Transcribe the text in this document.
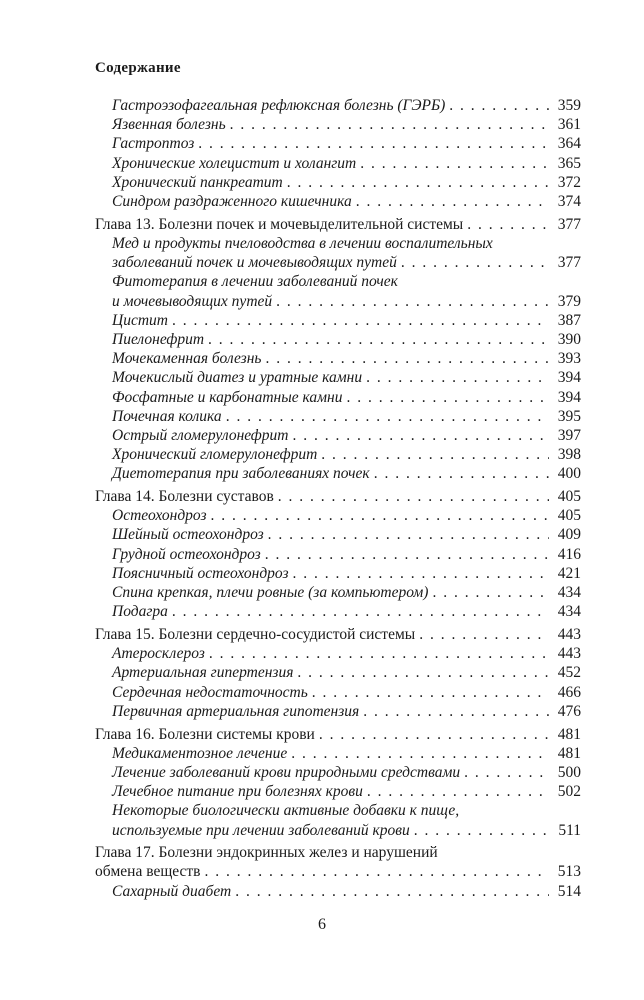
Содержание
Гастроэзофагеальная рефлюксная болезнь (ГЭРБ) . . .	359
Язвенная болезнь . . .	361
Гастроптоз . . .	364
Хронические холецистит и холангит . . .	365
Хронический панкреатит . . .	372
Синдром раздраженного кишечника . . .	374
Глава 13. Болезни почек и мочевыделительной системы . . .	377
Мед и продукты пчеловодства в лечении воспалительных
заболеваний почек и мочевыводящих путей . . .	377
Фитотерапия в лечении заболеваний почек
и мочевыводящих путей . . .	379
Цистит . . .	387
Пиелонефрит . . .	390
Мочекаменная болезнь . . .	393
Мочекислый диатез и уратные камни . . .	394
Фосфатные и карбонатные камни . . .	394
Почечная колика . . .	395
Острый гломерулонефрит . . .	397
Хронический гломерулонефрит . . .	398
Диетотерапия при заболеваниях почек . . .	400
Глава 14. Болезни суставов . . .	405
Остеохондроз . . .	405
Шейный остеохондроз . . .	409
Грудной остеохондроз . . .	416
Поясничный остеохондроз . . .	421
Спина крепкая, плечи ровные (за компьютером) . . .	434
Подагра . . .	434
Глава 15. Болезни сердечно-сосудистой системы . . .	443
Атеросклероз . . .	443
Артериальная гипертензия . . .	452
Сердечная недостаточность . . .	466
Первичная артериальная гипотензия . . .	476
Глава 16. Болезни системы крови . . .	481
Медикаментозное лечение . . .	481
Лечение заболеваний крови природными средствами . . .	500
Лечебное питание при болезнях крови . . .	502
Некоторые биологически активные добавки к пище,
используемые при лечении заболеваний крови . . .	511
Глава 17. Болезни эндокринных желез и нарушений
обмена веществ . . .	513
Сахарный диабет . . .	514
6
